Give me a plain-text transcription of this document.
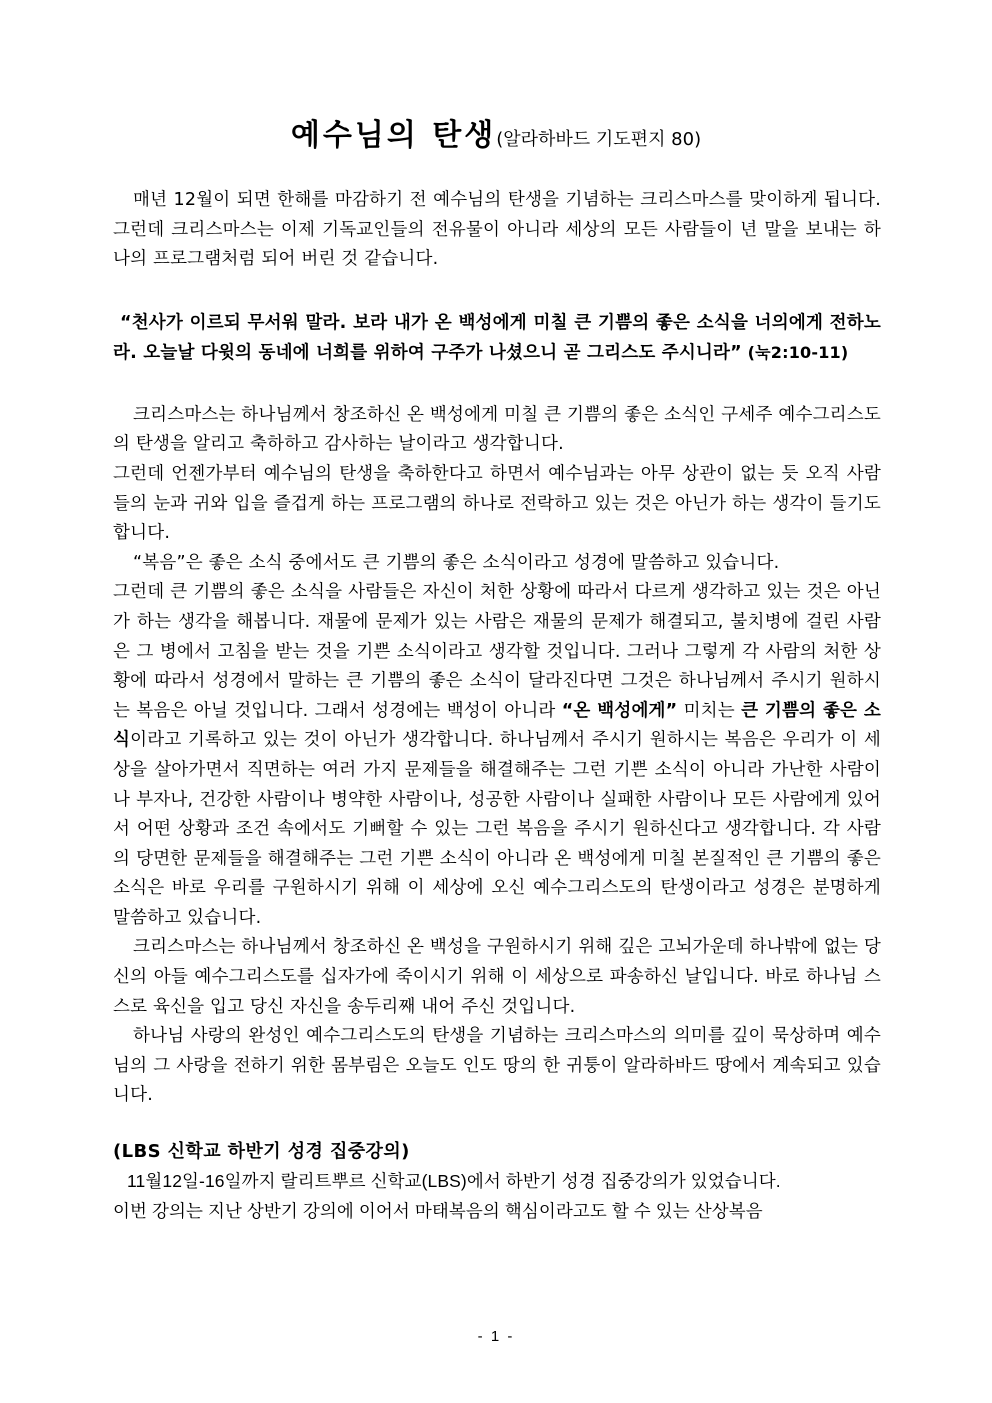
예수님의 탄생(알라하바드 기도편지 80)

매년 12월이 되면 한해를 마감하기 전 예수님의 탄생을 기념하는 크리스마스를 맞이하게 됩니다. 그런데 크리스마스는 이제 기독교인들의 전유물이 아니라 세상의 모든 사람들이 년 말을 보내는 하나의 프로그램처럼 되어 버린 것 같습니다.

“천사가 이르되 무서워 말라. 보라 내가 온 백성에게 미칠 큰 기쁨의 좋은 소식을 너의에게 전하노라. 오늘날 다윗의 동네에 너희를 위하여 구주가 나셨으니 곧 그리스도 주시니라” (눅2:10-11)

크리스마스는 하나님께서 창조하신 온 백성에게 미칠 큰 기쁨의 좋은 소식인 구세주 예수그리스도의 탄생을 알리고 축하하고 감사하는 날이라고 생각합니다.

그런데 언젠가부터 예수님의 탄생을 축하한다고 하면서 예수님과는 아무 상관이 없는 듯 오직 사람들의 눈과 귀와 입을 즐겁게 하는 프로그램의 하나로 전락하고 있는 것은 아닌가 하는 생각이 들기도 합니다.

“복음”은 좋은 소식 중에서도 큰 기쁨의 좋은 소식이라고 성경에 말씀하고 있습니다.

그런데 큰 기쁨의 좋은 소식을 사람들은 자신이 처한 상황에 따라서 다르게 생각하고 있는 것은 아닌가 하는 생각을 해봅니다. 재물에 문제가 있는 사람은 재물의 문제가 해결되고, 불치병에 걸린 사람은 그 병에서 고침을 받는 것을 기쁜 소식이라고 생각할 것입니다. 그러나 그렇게 각 사람의 처한 상황에 따라서 성경에서 말하는 큰 기쁨의 좋은 소식이 달라진다면 그것은 하나님께서 주시기 원하시는 복음은 아닐 것입니다. 그래서 성경에는 백성이 아니라 “온 백성에게” 미치는 큰 기쁨의 좋은 소식이라고 기록하고 있는 것이 아닌가 생각합니다. 하나님께서 주시기 원하시는 복음은 우리가 이 세상을 살아가면서 직면하는 여러 가지 문제들을 해결해주는 그런 기쁜 소식이 아니라 가난한 사람이나 부자나, 건강한 사람이나 병약한 사람이나, 성공한 사람이나 실패한 사람이나 모든 사람에게 있어서 어떤 상황과 조건 속에서도 기뻐할 수 있는 그런 복음을 주시기 원하신다고 생각합니다. 각 사람의 당면한 문제들을 해결해주는 그런 기쁜 소식이 아니라 온 백성에게 미칠 본질적인 큰 기쁨의 좋은 소식은 바로 우리를 구원하시기 위해 이 세상에 오신 예수그리스도의 탄생이라고 성경은 분명하게 말씀하고 있습니다.

크리스마스는 하나님께서 창조하신 온 백성을 구원하시기 위해 깊은 고뇌가운데 하나밖에 없는 당신의 아들 예수그리스도를 십자가에 죽이시기 위해 이 세상으로 파송하신 날입니다. 바로 하나님 스스로 육신을 입고 당신 자신을 송두리째 내어 주신 것입니다.

하나님 사랑의 완성인 예수그리스도의 탄생을 기념하는 크리스마스의 의미를 깊이 묵상하며 예수님의 그 사랑을 전하기 위한 몸부림은 오늘도 인도 땅의 한 귀퉁이 알라하바드 땅에서 계속되고 있습니다.

(LBS 신학교 하반기 성경 집중강의)

11월12일-16일까지 랄리트뿌르 신학교(LBS)에서 하반기 성경 집중강의가 있었습니다.

이번 강의는 지난 상반기 강의에 이어서 마태복음의 핵심이라고도 할 수 있는 산상복음

- 1 -
